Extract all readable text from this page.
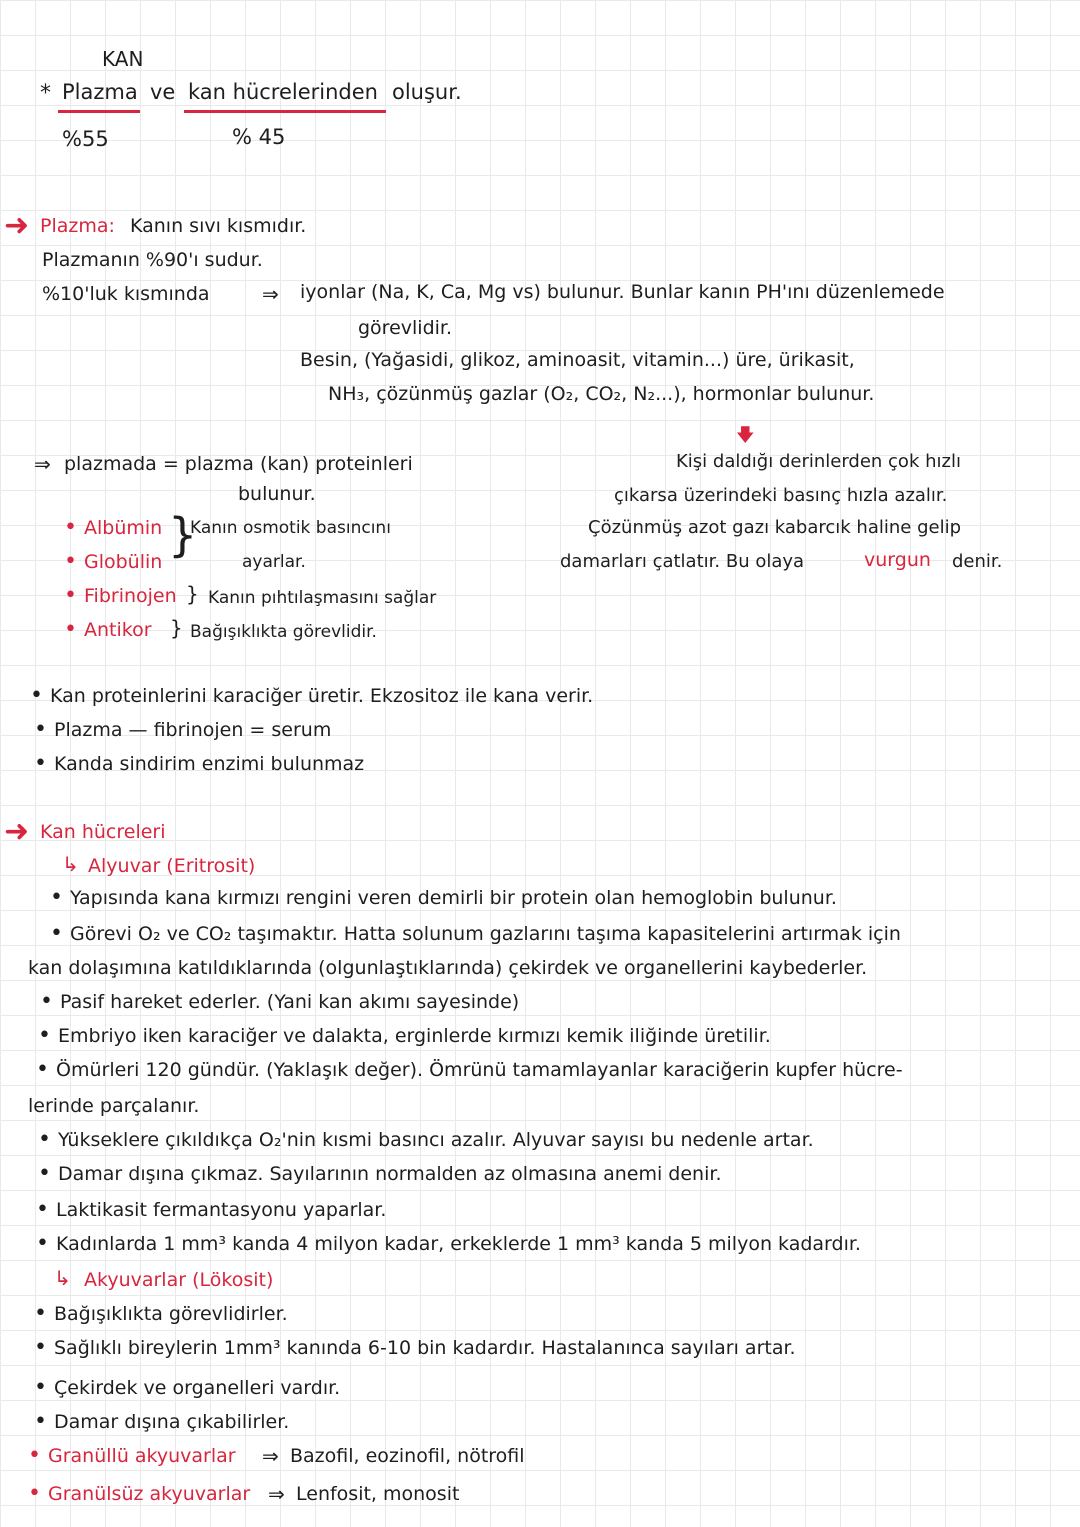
KAN
* Plazma ve kan hücrelerinden oluşur.
%55	% 45
➜ Plazma: Kanın sıvı kısmıdır.
Plazmanın %90'ı sudur.
%10'luk kısmında	⇒ iyonlar (Na, K, Ca, Mg vs) bulunur. Bunlar kanın PH'ını düzenlemede
görevlidir.
Besin, (Yağasidi, glikoz, aminoasit, vitamin...) üre, ürikasit,
NH₃, çözünmüş gazlar (O₂, CO₂, N₂...), hormonlar bulunur.
🡇
⇒ plazmada = plazma (kan) proteinleri
bulunur.
• Albümin
• Globülin }
Kanın osmotik basıncını
ayarlar.
• Fibrinojen } Kanın pıhtılaşmasını sağlar
• Antikor } Bağışıklıkta görevlidir.
Kişi daldığı derinlerden çok hızlı
çıkarsa üzerindeki basınç hızla azalır.
Çözünmüş azot gazı kabarcık haline gelip
damarları çatlatır. Bu olaya	vurgun denir.
• Kan proteinlerini karaciğer üretir. Ekzositoz ile kana verir.
• Plazma — fibrinojen = serum
• Kanda sindirim enzimi bulunmaz
➜ Kan hücreleri
↳ Alyuvar (Eritrosit)
• Yapısında kana kırmızı rengini veren demirli bir protein olan hemoglobin bulunur.
• Görevi O₂ ve CO₂ taşımaktır. Hatta solunum gazlarını taşıma kapasitelerini artırmak için
kan dolaşımına katıldıklarında (olgunlaştıklarında) çekirdek ve organellerini kaybederler.
• Pasif hareket ederler. (Yani kan akımı sayesinde)
• Embriyo iken karaciğer ve dalakta, erginlerde kırmızı kemik iliğinde üretilir.
• Ömürleri 120 gündür. (Yaklaşık değer). Ömrünü tamamlayanlar karaciğerin kupfer hücre-
lerinde parçalanır.
• Yükseklere çıkıldıkça O₂'nin kısmi basıncı azalır. Alyuvar sayısı bu nedenle artar.
• Damar dışına çıkmaz. Sayılarının normalden az olmasına anemi denir.
• Laktikasit fermantasyonu yaparlar.
• Kadınlarda 1 mm³ kanda 4 milyon kadar, erkeklerde 1 mm³ kanda 5 milyon kadardır.
↳ Akyuvarlar (Lökosit)
• Bağışıklıkta görevlidirler.
• Sağlıklı bireylerin 1mm³ kanında 6-10 bin kadardır. Hastalanınca sayıları artar.
• Çekirdek ve organelleri vardır.
• Damar dışına çıkabilirler.
• Granüllü akyuvarlar ⇒ Bazofil, eozinofil, nötrofil
• Granülsüz akyuvarlar ⇒ Lenfosit, monosit
